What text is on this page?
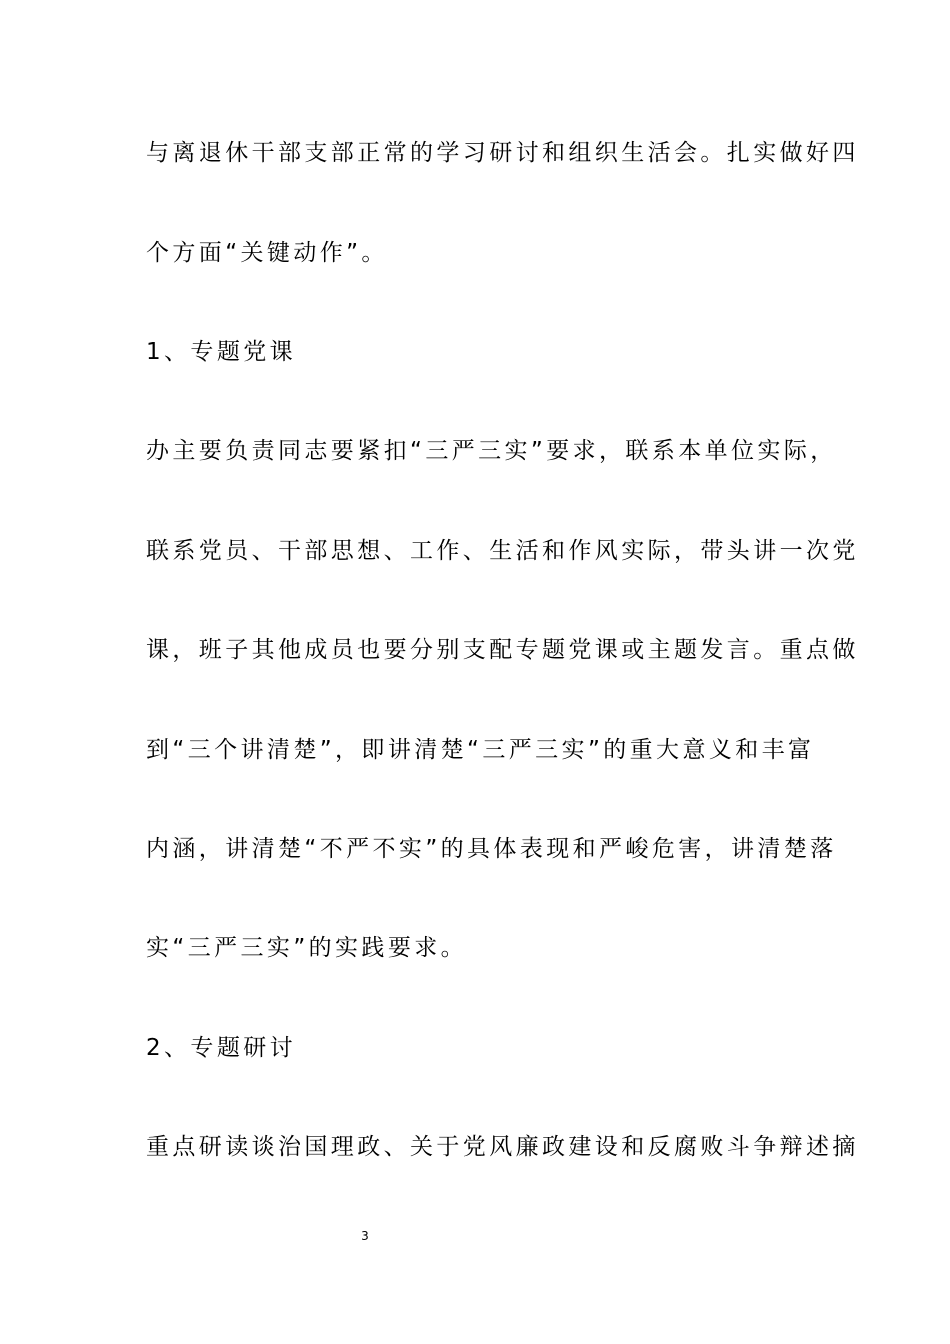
与离退休干部支部正常的学习研讨和组织生活会。扎实做好四
个方面“关键动作”。
1、专题党课
办主要负责同志要紧扣“三严三实”要求，联系本单位实际，
联系党员、干部思想、工作、生活和作风实际，带头讲一次党
课，班子其他成员也要分别支配专题党课或主题发言。重点做
到“三个讲清楚”，即讲清楚“三严三实”的重大意义和丰富
内涵，讲清楚“不严不实”的具体表现和严峻危害，讲清楚落
实“三严三实”的实践要求。
2、专题研讨
重点研读谈治国理政、关于党风廉政建设和反腐败斗争辩述摘
3
